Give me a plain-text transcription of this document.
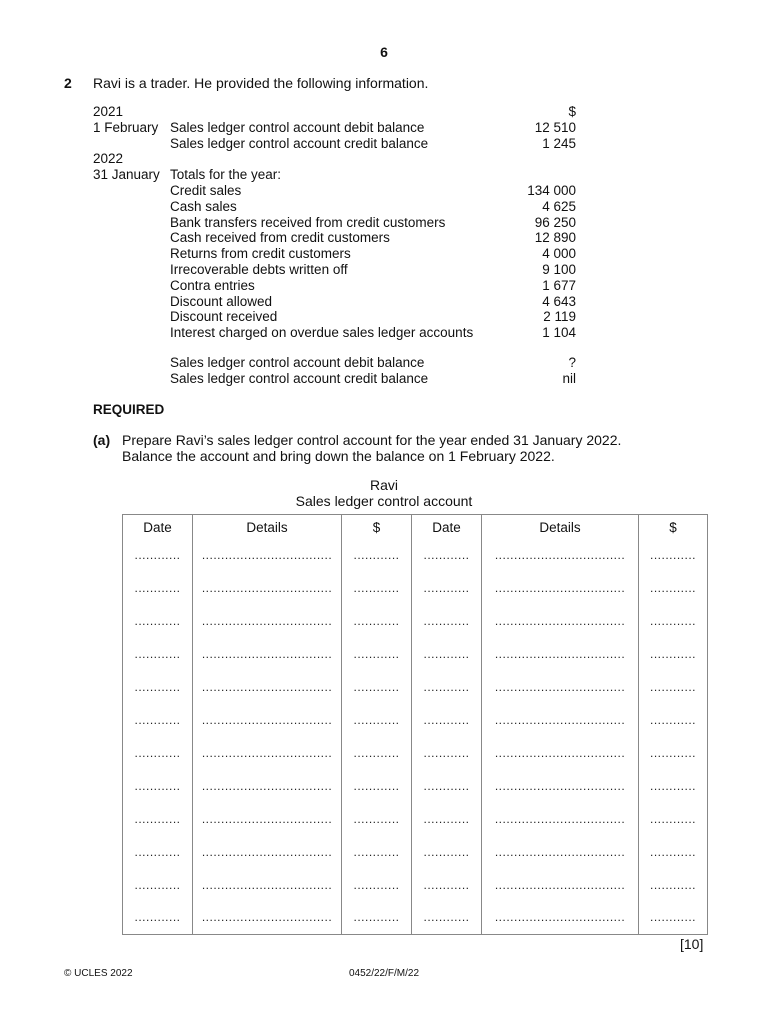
6
2 Ravi is a trader. He provided the following information.
2021	$
1 February Sales ledger control account debit balance	12 510
Sales ledger control account credit balance	1 245
2022
31 January Totals for the year:
Credit sales	134 000
Cash sales	4 625
Bank transfers received from credit customers	96 250
Cash received from credit customers	12 890
Returns from credit customers	4 000
Irrecoverable debts written off	9 100
Contra entries	1 677
Discount allowed	4 643
Discount received	2 119
Interest charged on overdue sales ledger accounts	1 104
Sales ledger control account debit balance	?
Sales ledger control account credit balance	nil
REQUIRED
(a) Prepare Ravi’s sales ledger control account for the year ended 31 January 2022.
Balance the account and bring down the balance on 1 February 2022.
Ravi
Sales ledger control account
Date	Details	$	Date	Details	$
............	..................................	............	............	..................................	............
............	..................................	............	............	..................................	............
............	..................................	............	............	..................................	............
............	..................................	............	............	..................................	............
............	..................................	............	............	..................................	............
............	..................................	............	............	..................................	............
............	..................................	............	............	..................................	............
............	..................................	............	............	..................................	............
............	..................................	............	............	..................................	............
............	..................................	............	............	..................................	............
............	..................................	............	............	..................................	............
............	..................................	............	............	..................................	............
[10]
© UCLES 2022	0452/22/F/M/22
